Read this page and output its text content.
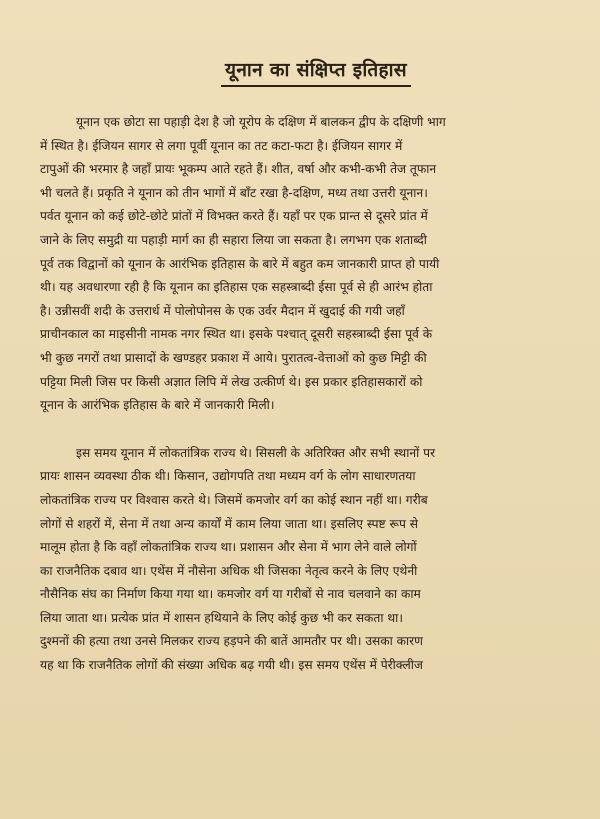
यूनान का संक्षिप्त इतिहास

यूनान एक छोटा सा पहाड़ी देश है जो यूरोप के दक्षिण में बालकन द्वीप के दक्षिणी भाग

में स्थित है। ईजियन सागर से लगा पूर्वी यूनान का तट कटा-फटा है। ईजियन सागर में

टापुओं की भरमार है जहाँ प्रायः भूकम्प आते रहते हैं। शीत, वर्षा और कभी-कभी तेज तूफान

भी चलते हैं। प्रकृति ने यूनान को तीन भागों में बाँट रखा है-दक्षिण, मध्य तथा उत्तरी यूनान।

पर्वत यूनान को कई छोटे-छोटे प्रांतों में विभक्त करते हैं। यहाँ पर एक प्रान्त से दूसरे प्रांत में

जाने के लिए समुद्री या पहाड़ी मार्ग का ही सहारा लिया जा सकता है। लगभग एक शताब्दी

पूर्व तक विद्वानों को यूनान के आरंभिक इतिहास के बारे में बहुत कम जानकारी प्राप्त हो पायी

थी। यह अवधारणा रही है कि यूनान का इतिहास एक सहस्त्राब्दी ईसा पूर्व से ही आरंभ होता

है। उन्नीसवीं शदी के उत्तरार्ध में पोलोपोनस के एक उर्वर मैदान में खुदाई की गयी जहाँ

प्राचीनकाल का माइसीनी नामक नगर स्थित था। इसके पश्चात् दूसरी सहस्त्राब्दी ईसा पूर्व के

भी कुछ नगरों तथा प्रासादों के खण्डहर प्रकाश में आये। पुरातत्व-वेत्ताओं को कुछ मिट्टी की

पट्टिया मिली जिस पर किसी अज्ञात लिपि में लेख उत्कीर्ण थे। इस प्रकार इतिहासकारों को

यूनान के आरंभिक इतिहास के बारे में जानकारी मिली।

इस समय यूनान में लोकतांत्रिक राज्य थे। सिसली के अतिरिक्त और सभी स्थानों पर

प्रायः शासन व्यवस्था ठीक थी। किसान, उद्योगपति तथा मध्यम वर्ग के लोग साधारणतया

लोकतांत्रिक राज्य पर विश्वास करते थे। जिसमें कमजोर वर्ग का कोई स्थान नहीं था। गरीब

लोगों से शहरों में, सेना में तथा अन्य कार्यों में काम लिया जाता था। इसलिए स्पष्ट रूप से

मालूम होता है कि वहाँ लोकतांत्रिक राज्य था। प्रशासन और सेना में भाग लेने वाले लोगों

का राजनैतिक दबाव था। एथेंस में नौसेना अधिक थी जिसका नेतृत्व करने के लिए एथेनी

नौसैनिक संघ का निर्माण किया गया था। कमजोर वर्ग या गरीबों से नाव चलवाने का काम

लिया जाता था। प्रत्येक प्रांत में शासन हथियाने के लिए कोई कुछ भी कर सकता था।

दुश्मनों की हत्या तथा उनसे मिलकर राज्य हड़पने की बातें आमतौर पर थी। उसका कारण

यह था कि राजनैतिक लोगों की संख्या अधिक बढ़ गयी थी। इस समय एथेंस में पेरीक्लीज
